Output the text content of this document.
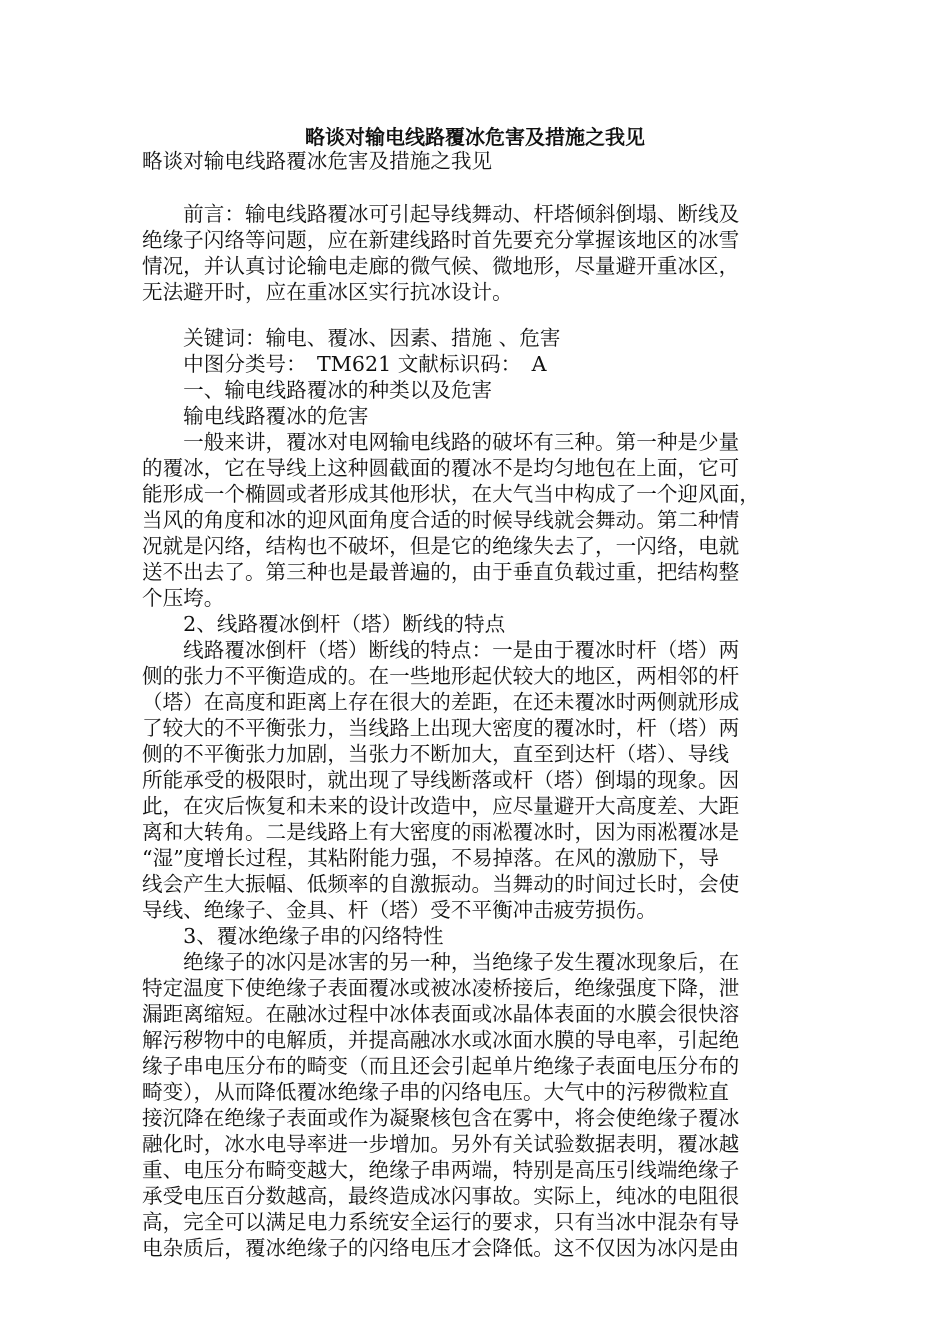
略谈对输电线路覆冰危害及措施之我见
略谈对输电线路覆冰危害及措施之我见
　　前言：输电线路覆冰可引起导线舞动、杆塔倾斜倒塌、断线及
绝缘子闪络等问题，应在新建线路时首先要充分掌握该地区的冰雪
情况，并认真讨论输电走廊的微气候、微地形，尽量避开重冰区，
无法避开时，应在重冰区实行抗冰设计。
　　关键词：输电、覆冰、因素、措施 、危害
　　中图分类号：　TM621 文献标识码：　A
　　一、输电线路覆冰的种类以及危害
　　输电线路覆冰的危害
　　一般来讲，覆冰对电网输电线路的破坏有三种。第一种是少量
的覆冰，它在导线上这种圆截面的覆冰不是均匀地包在上面，它可
能形成一个椭圆或者形成其他形状，在大气当中构成了一个迎风面，
当风的角度和冰的迎风面角度合适的时候导线就会舞动。第二种情
况就是闪络，结构也不破坏，但是它的绝缘失去了，一闪络，电就
送不出去了。第三种也是最普遍的，由于垂直负载过重，把结构整
个压垮。
　　2、线路覆冰倒杆（塔）断线的特点
　　线路覆冰倒杆（塔）断线的特点：一是由于覆冰时杆（塔）两
侧的张力不平衡造成的。在一些地形起伏较大的地区，两相邻的杆
（塔）在高度和距离上存在很大的差距，在还未覆冰时两侧就形成
了较大的不平衡张力，当线路上出现大密度的覆冰时，杆（塔）两
侧的不平衡张力加剧，当张力不断加大，直至到达杆（塔）、导线
所能承受的极限时，就出现了导线断落或杆（塔）倒塌的现象。因
此，在灾后恢复和未来的设计改造中，应尽量避开大高度差、大距
离和大转角。二是线路上有大密度的雨凇覆冰时，因为雨凇覆冰是
“湿”度增长过程，其粘附能力强，不易掉落。在风的激励下，导
线会产生大振幅、低频率的自激振动。当舞动的时间过长时，会使
导线、绝缘子、金具、杆（塔）受不平衡冲击疲劳损伤。
　　3、覆冰绝缘子串的闪络特性
　　绝缘子的冰闪是冰害的另一种，当绝缘子发生覆冰现象后，在
特定温度下使绝缘子表面覆冰或被冰凌桥接后，绝缘强度下降，泄
漏距离缩短。在融冰过程中冰体表面或冰晶体表面的水膜会很快溶
解污秽物中的电解质，并提高融冰水或冰面水膜的导电率，引起绝
缘子串电压分布的畸变（而且还会引起单片绝缘子表面电压分布的
畸变），从而降低覆冰绝缘子串的闪络电压。大气中的污秽微粒直
接沉降在绝缘子表面或作为凝聚核包含在雾中，将会使绝缘子覆冰
融化时，冰水电导率进一步增加。另外有关试验数据表明，覆冰越
重、电压分布畸变越大，绝缘子串两端，特别是高压引线端绝缘子
承受电压百分数越高，最终造成冰闪事故。实际上，纯冰的电阻很
高，完全可以满足电力系统安全运行的要求，只有当冰中混杂有导
电杂质后，覆冰绝缘子的闪络电压才会降低。这不仅因为冰闪是由
